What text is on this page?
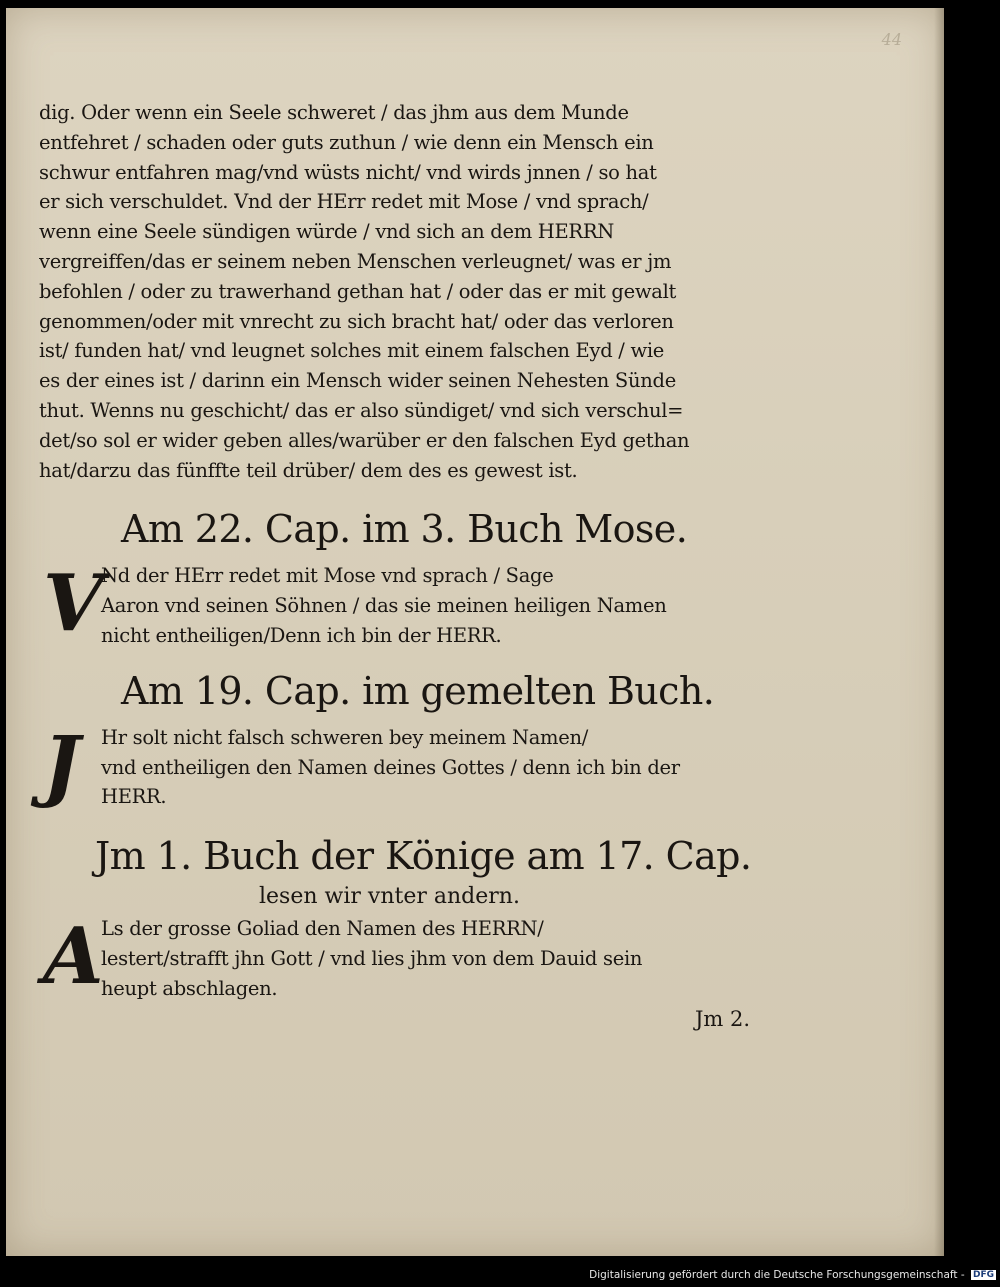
44
dig. Oder wenn ein Seele schweret / das jhm aus dem Munde
entfehret / schaden oder guts zuthun / wie denn ein Mensch ein
schwur entfahren mag/vnd wüsts nicht/ vnd wirds jnnen / so hat
er sich verschuldet. Vnd der HErr redet mit Mose / vnd sprach/
wenn eine Seele sündigen würde / vnd sich an dem HERRN
vergreiffen/das er seinem neben Menschen verleugnet/ was er jm
befohlen / oder zu trawerhand gethan hat / oder das er mit gewalt
genommen/oder mit vnrecht zu sich bracht hat/ oder das verloren
ist/ funden hat/ vnd leugnet solches mit einem falschen Eyd / wie
es der eines ist / darinn ein Mensch wider seinen Nehesten Sünde
thut. Wenns nu geschicht/ das er also sündiget/ vnd sich verschul=
det/so sol er wider geben alles/warüber er den falschen Eyd gethan
hat/darzu das fünffte teil drüber/ dem des es gewest ist.
Am 22. Cap. im 3. Buch Mose.
V
Nd der HErr redet mit Mose vnd sprach / Sage
Aaron vnd seinen Söhnen / das sie meinen heiligen Namen
nicht entheiligen/Denn ich bin der HERR.
Am 19. Cap. im gemelten Buch.
J	Hr solt nicht falsch schweren bey meinem Namen/
vnd entheiligen den Namen deines Gottes / denn ich bin der
HERR.
Jm 1. Buch der Könige am 17. Cap.
lesen wir vnter andern.
A
Ls der grosse Goliad den Namen des HERRN/
lestert/strafft jhn Gott / vnd lies jhm von dem Dauid sein
heupt abschlagen.
Jm 2.
Digitalisierung gefördert durch die Deutsche Forschungsgemeinschaft - DFG
